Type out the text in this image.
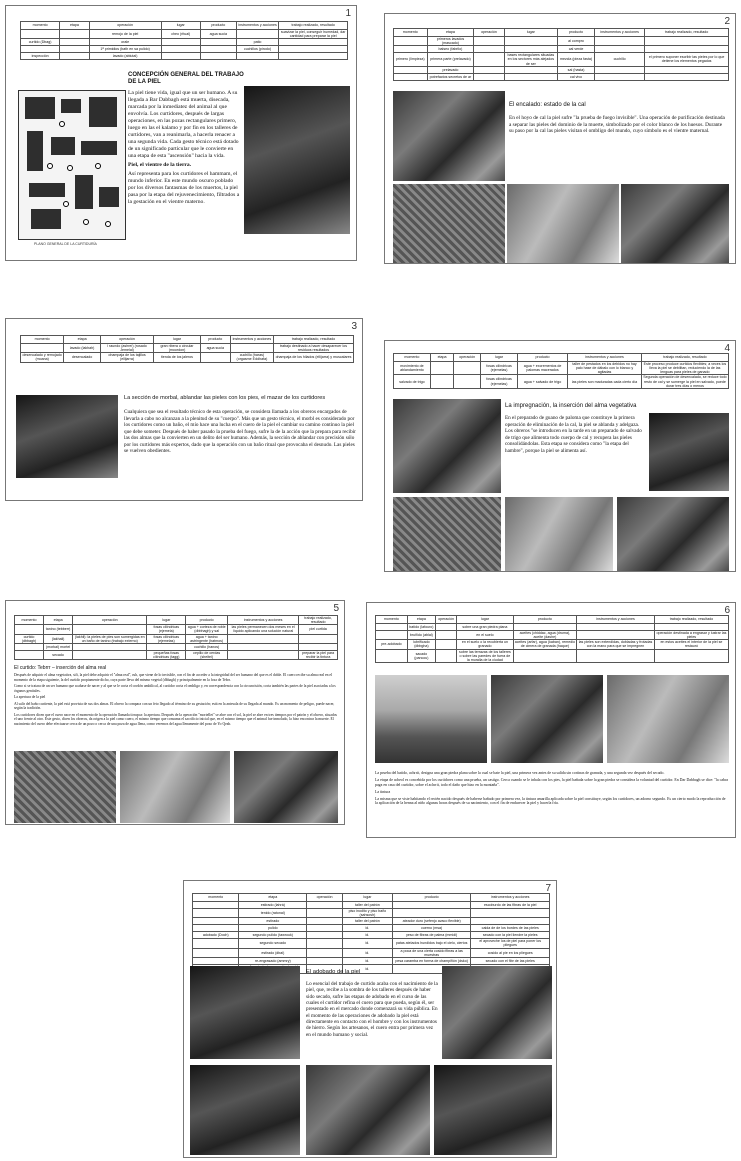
1
momento	etapa	operación	lugar	producto	instrumentos y acciones	trabajo realizado, resultado
		remojo de la piel	cheo (ritual)	agua sucia		suavizar la piel, conseguir humedad, dar cantidad para preparar la piel
curtido (Dbag)		orale			patio	
		1ª primidios (bath en sa pulido)			cuchillos (pirodo)	
inspección		lavado (ablutal)				
PLANO GENERAL DE LA CURTIDURÍA
CONCEPCIÓN GENERAL DEL TRABAJO DE LA PIEL

La piel tiene vida, igual que un ser humano. A su llegada a Bar Dabbagh está muerta, disecada, marcada por la inmediatez del animal al que envolvía. Los curtidores, después de largas operaciones, en las pozas rectangulares primero, luego en las el kalamo y por fin en los talleres de curtidores, van a reanimarla, a hacerla renacer a una segunda vida. Cada gesto técnico está dotado de un significado particular que le convierte en una etapa de esta "ascensión" hacia la vida.

Piel, el vientre de la tierra.

Así representa para los curtidores el hammam, el mundo inferior. En este mundo oscuro poblado por los diversos fantasmas de los muertos, la piel pasa por la etapa del rejuvenecimiento, filtrados a la gestación en el vientre materno.

2
momento	etapa	operación	lugar	producto	instrumentos y acciones	trabajo realizado, resultado
	primeros lavados (mascado)			al compro		
	balseo (fabrilo)			cal verde		
primero (limpieza)	primera parte (prelavado)		bases rectangulares situadas en los sectores más alejados de ser	mezcla (pieza fasta)	cuchillo	el primero suponer escribir las pieles por lo que detiene los elementos pegados
	prelavado			sal (hasta)		
	potrefactos secretos de ar			cal vivo		
El encalado: estado de la cal

En el hoyo de cal la piel sufre "la prueba de fuego invisible". Una operación de purificación destinada a separar las pieles del dominio de la muerte, simbolizado por el color blanco de los huesos. Durante su paso por la cal las pieles visitan el ombligo del mundo, cuyo símbolo es el vientre maternal.

3
momento	etapa	operación	lugar	producto	instrumentos y acciones	trabajo realizado, resultado
	lavado (lakhah)	l raundo (ashreí) (rosado Jemelal)	gran ribera o circular (moordon)	agua sucia		trabajo destinado a hacer desaparecer los residuos resultados
desencalado y remojado (moana)	desencalado	ohampaja de los tajillos (ellijarra)	tienda de los jaleros		cuchillo (haras) (orgasme Eddhafa)	ohampaja de los hilados (ellijarra) y muscalares
La sección de morbal, ablandar las pieles con los pies, el mazar de los curtidores

Cualquiera que sea el resultado técnico de esta operación, se considera llamada a los obreros encargados de llevarla a cabo no alcanzan a la plenitud de su "cuerpo". Más que un gesto técnico, el morbl es considerado por los curtidores como un baño, el mío hace una lucha en el cuero de la piel el cambiar su camino continuo la piel que debe someter. Después de haber pasado la prueba del fuego, sufre la de la acción que la prepara para recibir las dos almas que la convierten en un delito del ser humano. Además, la sección de ablandar con precisión sólo por los curtidores más expertos, dado que la operación con un baño ritual que provocaba el desnudo. Las pieles se vuelven obedientes.

4
momento	etapa	operación	lugar	producto	instrumentos y acciones	trabajo realizado, resultado
movimiento de ablandamiento			fosas cilíndricas (ejemelas)	agua + excrementos de palomas macerados	taller de pestados en los debidos no hay palo hase de dábalo con lo blanco y agitadas	Este proceso produce curtidos flexibles; a veces los lleva la piel se debilitan, reduciendo la de las lenguas para pieles de ganado
salvado de trigo			fosas cilíndricas (ejemelas)	agua + salvado de trigo	las pieles son maduradas cada cierto día	Segunda operación de desencalado, se reduce todo resto de cal y se sumerge la piel en salvado, puede durar tres días o menos
La impregnación, la inserción del alma vegetativa

En el preparado de guano de paloma que constituye la primera operación de eliminación de la cal, la piel se ablanda y adelgaza. Los obreros "se introducen en la tarde en un preparado de salvado de trigo que alimenta todo cuerpo de cal y recupera las pieles consolidándolas. Esta etapa se considera como "la etapa del hambre", porque la piel se alimenta así.

5
momento	etapa	operación	lugar	producto	instrumentos y acciones	trabajo realizado, resultado
	tanino (tebberr)		fosas cilíndricas (ejemela)	agua + corteza de roble (dbbhagh) y sal	las pieles permanecen dos meses en el líquido aplicando una solución natural	piel curtida
curtido (dbbagh)	(lakhali)	(lakhli): la pieles de pies son sumergidas en un baño de tanino (trabajo externo)	fosas cilíndricas (ejemelas)	agua + tanino astringente (hatmos)		
	(morkal) mortel			cuchillo (hanos)		
	secado		pequeñas fosas cilíndricas (tagg)	cepillo de cerdas (sheitel)		preparar la piel para recibir la tintura
El curtido: Tebrrr – inserción del alma real

Después de adquirir el alma vegetativa, sifi, la piel debe adquirir el "alma real", ruh, que viene de lo invisible, con el fin de acceder a la integridad del ser humano del que es el doble. El cuero recibe su alma real en el momento de la etapa siguiente, la del curtido propiamente dicho, cuya parte lleva del mismo vegetal (dbbagh) y principalmente en la fosa de Tebrr.

Como si se tratara de un ser humano que acabase de nacer y al que se le corta el cordón umbilical, al curtidor corta el ombligo y, en correspondencia con la circuncisión, corta también las partes de la piel asociadas a los órganos genitales.

La apertura de la piel

Al salir del baño curtiente, la piel está provista de sus dos almas. El obrero la compara con un feto llegado al término de su gestación; está en la antesala de su llegada al mundo. Es un momento de peligro, puede nacer, según la tradición.

Los curtidores dicen que el cuero nace en el momento de la operación llamada tirrupca: la apertura. Después de la operación "mortellet" se abre con el sol, la piel se abre en tres tiempos por el patrón y el obrero, situados el uno frente al otro. Este gesto, dicen los obreros, da origen a la piel como cuero, el mismo tiempo que consuma el sacrificio inicial que, en el mismo tiempo que el animal fue inmolado, la hizo encontrar la muerte. El nacimiento del cuero debe efectuarse cerca de un pozo o cerca de una poza de agua llena, como veremos del agua llenamente del pozo de Yo Qeab.

6
momento	etapa	operación	lugar	producto	instrumentos y acciones	trabajo realizado, resultado
	batido (lafouro)		sobre una gran piedra plana			
	bruñido (ablal)		en el suelo	aceites (chiddac, agua (druma), aceite (dashe)		operación destinada a engrasar y lustrar las pieles
pre-adobado	lubrificado (dbbgha)		en el suelo o la recubierta un granado	aceites (arfar), agua (kaban), remedio de cimera de granada (haque)	las pieles son extendidas, dobladas y frotadas con la mano para que se impregnen	en estos aceites el interior de la piel se restauró
	sacado (pancou)		sobre las terrazas de los talleres o sobre las paredes de fuera de la muralla de la ciudad			

La prueba del batido, achrrit, designa una gran piedra plana sobre la cual se bate la piel, una primera vez antes de su salida sin cortinas de granada, y una segunda vez después del secado.

La etapa de acheol es concebida por los curtidores como una prueba, un castigo. Cerca cuando se le inhala con los pies, la piel bañada sobre la gran piedra se considera la voluntad del curtidor. En Dar Dabbagh se dice: "la cabra paga en casa del curtidor, sobre el achrrit, todo el daño que hizo en la montaña".

La tintura

La misma que se viste habitando el recién nacido después de haberse bañado por primera vez, la tintura amarilla aplicada sobre la piel constituye, según los curtidores, un adorno segundo. Es un cierto modo la reproducción de la aplicación de la henna al niño algunas horas después de su nacimiento, con el fin de endurecer la piel y hacerla fría.

7
momento	etapa	operación	lugar	producto	instrumentos y acciones
	estirado (lahrá)		taller del patrón		escoburdo de las fibras de la piel
	tenido (ratonal)		piso inodito y piso baño (sahsosh)		
	estirado		taller del patrón	ateador duro (sefenjo avaco flexible)	
	pulido		id.	cuerno (msa)	caida de de los bordes de las pieles
adobado (Doch)	segundo pulido (tawrouk)		id.	yeso de fibras de palma (mmidi)	secado con la piel liendre la pieles
	segundo secado		id.	patas atelados hundidos bajo el cielo, ciertos	el aproveche los de piel para poner los pliegues
	estirado (dbal)		id.	a poca de una cierta cosido fibras a las muestras	cosido al pie en los pliegues
	re-engrasado (ammry)		id.	pesa caramba en forma de champiñón (dsko)	secado con el fibr de las pieles
			id.		
El adobado de la piel

Lo esencial del trabajo de curtido acaba con el nacimiento de la piel, que, recibe a la sombra de los talleres después de haber sido secado, sufre las etapas de adobado en el curso de las cuales el curtidor refina el cuero para que pueda, según él, ser presentado en el mercado donde comenzará su vida pública. En el momento de las operaciones de adobado la piel está directamente en contacto con el hombre y con los instrumentos de hierro. Según los artesanos, el cuero entra por primera vez en el mundo humano y social.
